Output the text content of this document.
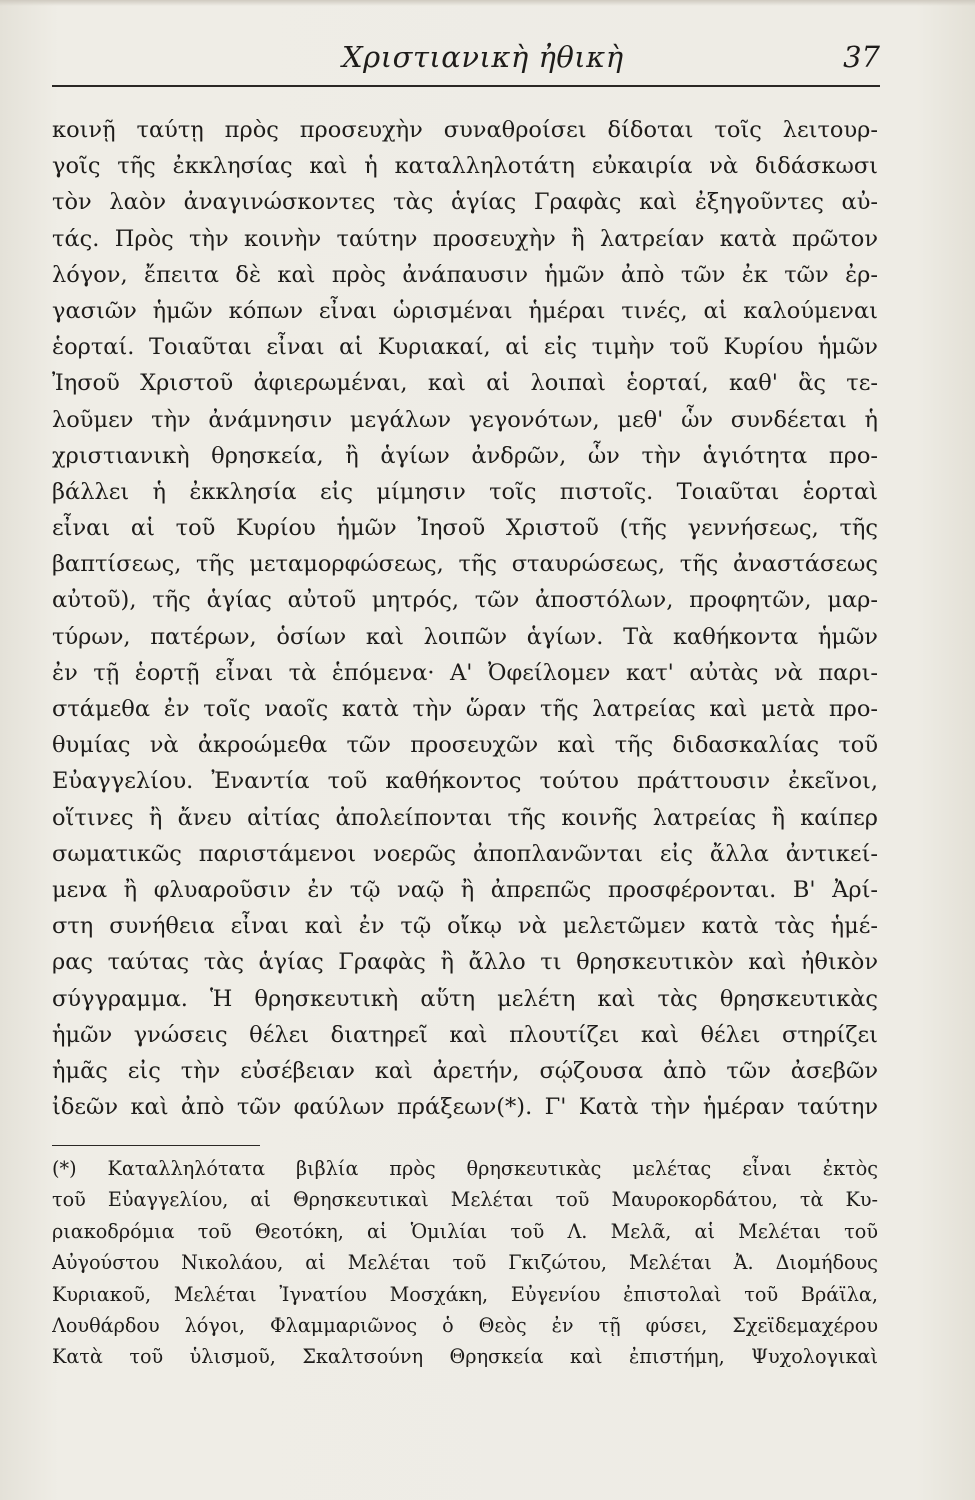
Χριστιανικὴ ἠθικὴ	37
κοινῇ ταύτῃ πρὸς προσευχὴν συναθροίσει δίδοται τοῖς λειτουρ-
γοῖς τῆς ἐκκλησίας καὶ ἡ καταλληλοτάτη εὐκαιρία νὰ διδάσκωσι
τὸν λαὸν ἀναγινώσκοντες τὰς ἁγίας Γραφὰς καὶ ἐξηγοῦντες αὐ-
τάς. Πρὸς τὴν κοινὴν ταύτην προσευχὴν ἢ λατρείαν κατὰ πρῶτον
λόγον, ἔπειτα δὲ καὶ πρὸς ἀνάπαυσιν ἡμῶν ἀπὸ τῶν ἐκ τῶν ἐρ-
γασιῶν ἡμῶν κόπων εἶναι ὡρισμέναι ἡμέραι τινές, αἱ καλούμεναι
ἑορταί. Τοιαῦται εἶναι αἱ Κυριακαί, αἱ εἰς τιμὴν τοῦ Κυρίου ἡμῶν
Ἰησοῦ Χριστοῦ ἀφιερωμέναι, καὶ αἱ λοιπαὶ ἑορταί, καθ' ἃς τε-
λοῦμεν τὴν ἀνάμνησιν μεγάλων γεγονότων, μεθ' ὧν συνδέεται ἡ
χριστιανικὴ θρησκεία, ἢ ἁγίων ἀνδρῶν, ὧν τὴν ἁγιότητα προ-
βάλλει ἡ ἐκκλησία εἰς μίμησιν τοῖς πιστοῖς. Τοιαῦται ἑορταὶ
εἶναι αἱ τοῦ Κυρίου ἡμῶν Ἰησοῦ Χριστοῦ (τῆς γεννήσεως, τῆς
βαπτίσεως, τῆς μεταμορφώσεως, τῆς σταυρώσεως, τῆς ἀναστάσεως
αὐτοῦ), τῆς ἁγίας αὐτοῦ μητρός, τῶν ἀποστόλων, προφητῶν, μαρ-
τύρων, πατέρων, ὁσίων καὶ λοιπῶν ἁγίων. Τὰ καθήκοντα ἡμῶν
ἐν τῇ ἑορτῇ εἶναι τὰ ἑπόμενα· Α' Ὀφείλομεν κατ' αὐτὰς νὰ παρι-
στάμεθα ἐν τοῖς ναοῖς κατὰ τὴν ὥραν τῆς λατρείας καὶ μετὰ προ-
θυμίας νὰ ἀκροώμεθα τῶν προσευχῶν καὶ τῆς διδασκαλίας τοῦ
Εὐαγγελίου. Ἐναντία τοῦ καθήκοντος τούτου πράττουσιν ἐκεῖνοι,
οἵτινες ἢ ἄνευ αἰτίας ἀπολείπονται τῆς κοινῆς λατρείας ἢ καίπερ
σωματικῶς παριστάμενοι νοερῶς ἀποπλανῶνται εἰς ἄλλα ἀντικεί-
μενα ἢ φλυαροῦσιν ἐν τῷ ναῷ ἢ ἀπρεπῶς προσφέρονται. Β' Ἀρί-
στη συνήθεια εἶναι καὶ ἐν τῷ οἴκῳ νὰ μελετῶμεν κατὰ τὰς ἡμέ-
ρας ταύτας τὰς ἁγίας Γραφὰς ἢ ἄλλο τι θρησκευτικὸν καὶ ἠθικὸν
σύγγραμμα. Ἡ θρησκευτικὴ αὕτη μελέτη καὶ τὰς θρησκευτικὰς
ἡμῶν γνώσεις θέλει διατηρεῖ καὶ πλουτίζει καὶ θέλει στηρίζει
ἡμᾶς εἰς τὴν εὐσέβειαν καὶ ἀρετήν, σῴζουσα ἀπὸ τῶν ἀσεβῶν
ἰδεῶν καὶ ἀπὸ τῶν φαύλων πράξεων(*). Γ' Κατὰ τὴν ἡμέραν ταύτην
(*) Καταλληλότατα βιβλία πρὸς θρησκευτικὰς μελέτας εἶναι ἐκτὸς
τοῦ Εὐαγγελίου, αἱ Θρησκευτικαὶ Μελέται τοῦ Μαυροκορδάτου, τὰ Κυ-
ριακοδρόμια τοῦ Θεοτόκη, αἱ Ὁμιλίαι τοῦ Λ. Μελᾶ, αἱ Μελέται τοῦ
Αὐγούστου Νικολάου, αἱ Μελέται τοῦ Γκιζώτου, Μελέται Ἀ. Διομήδους
Κυριακοῦ, Μελέται Ἰγνατίου Μοσχάκη, Εὐγενίου ἐπιστολαὶ τοῦ Βράϊλα,
Λουθάρδου λόγοι, Φλαμμαριῶνος ὁ Θεὸς ἐν τῇ φύσει, Σχεϊδεμαχέρου
Κατὰ τοῦ ὑλισμοῦ, Σκαλτσούνη Θρησκεία καὶ ἐπιστήμη, Ψυχολογικαὶ
